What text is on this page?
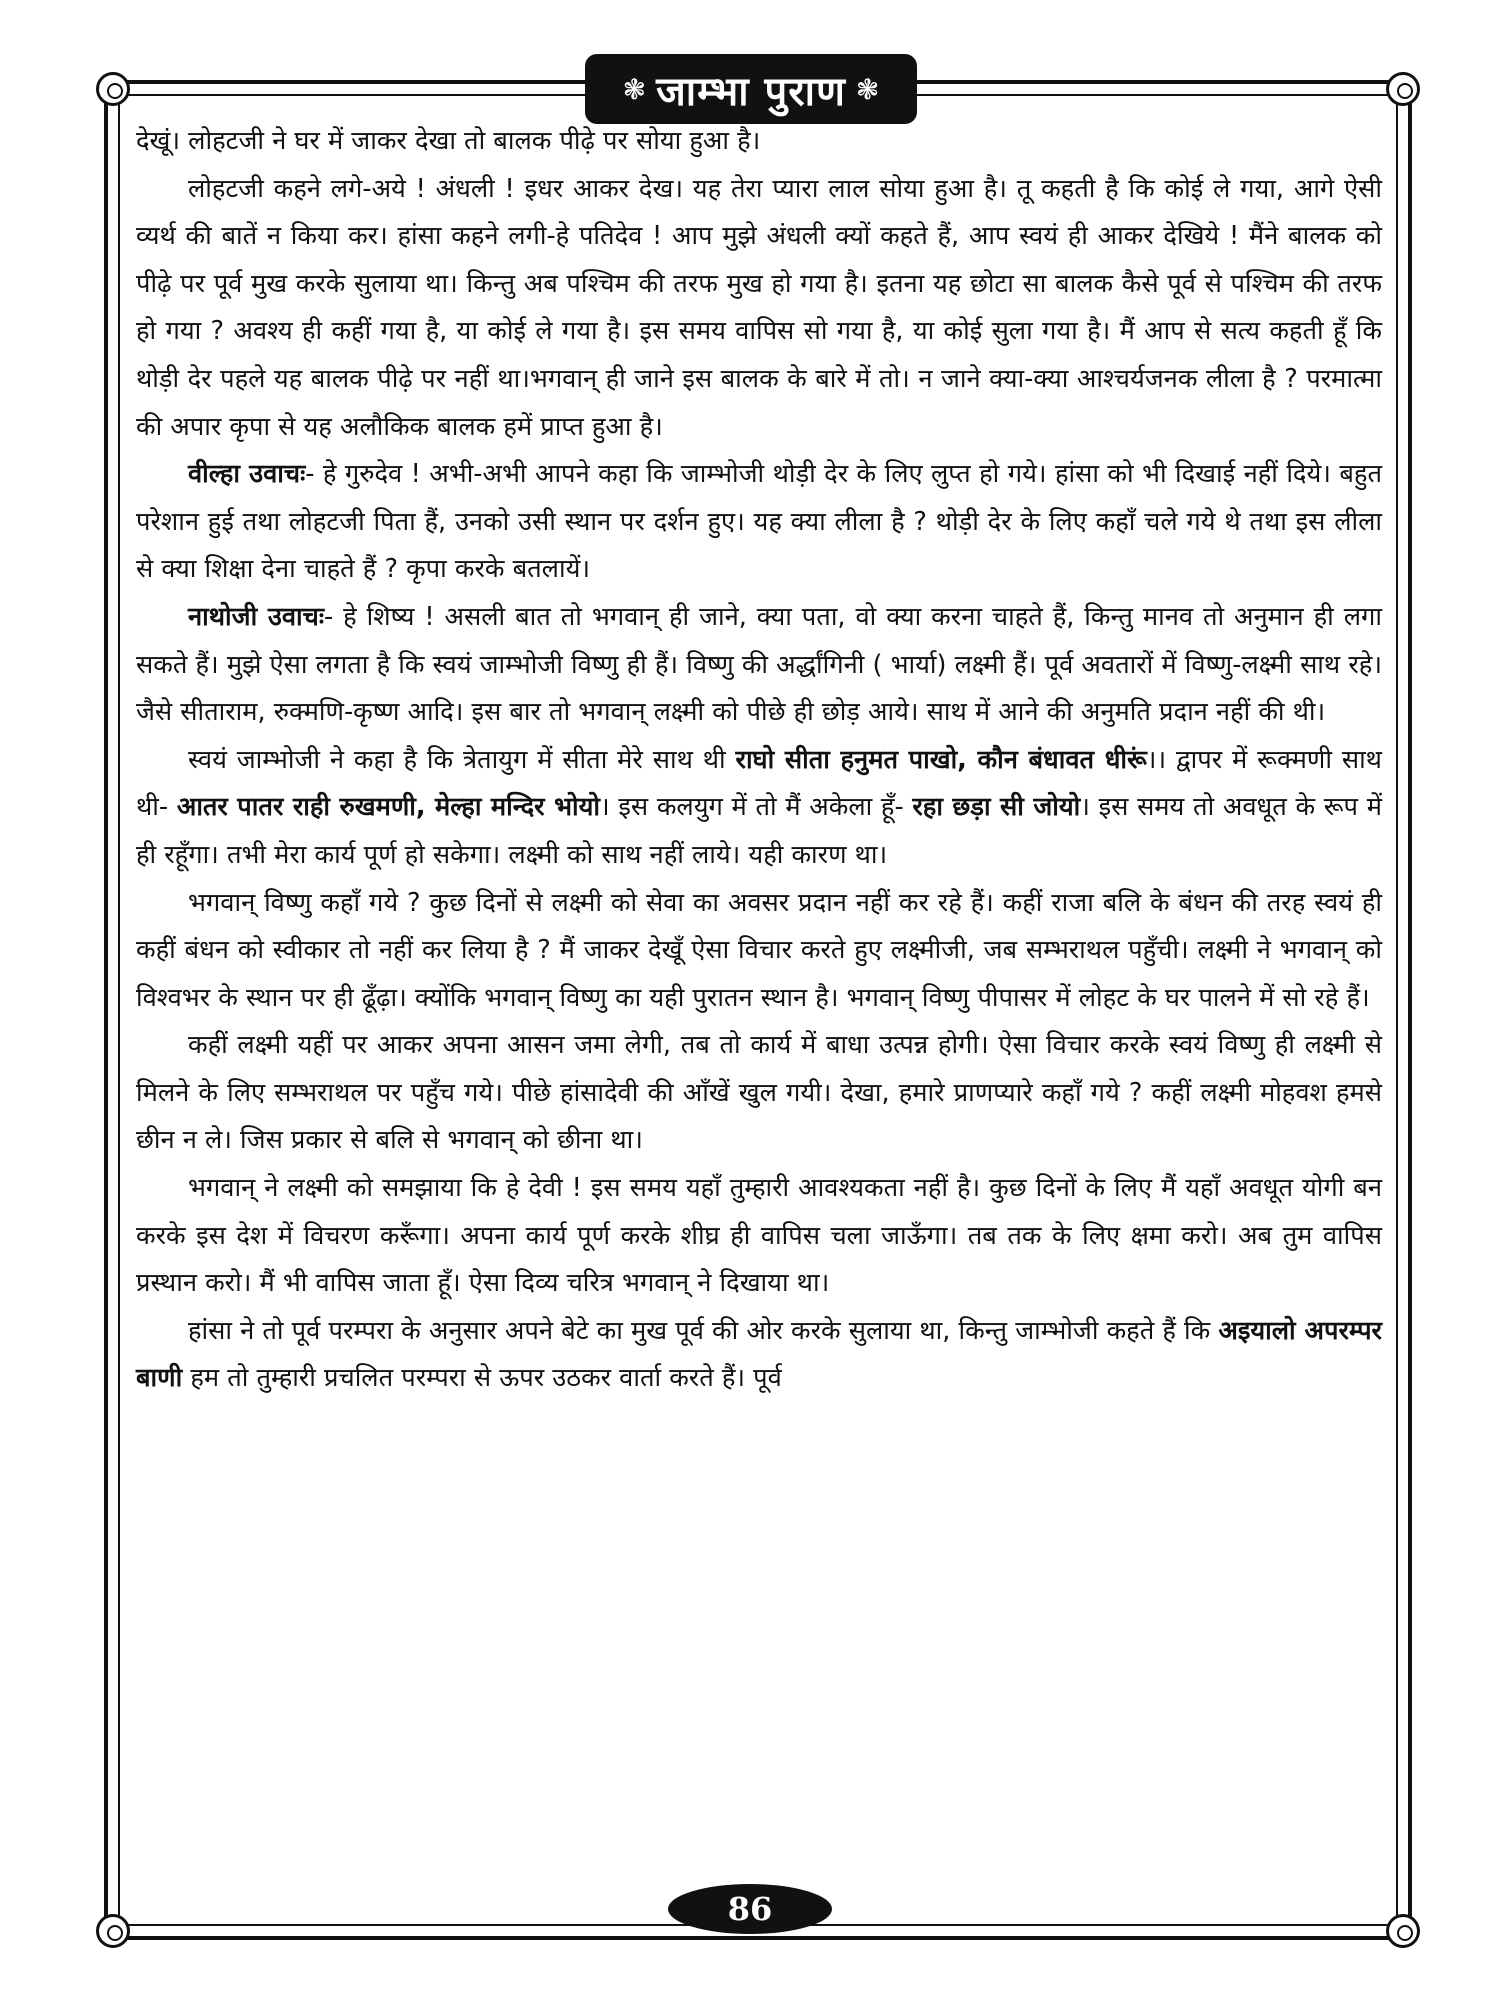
❃ जाम्भा पुराण ❃

देखूं। लोहटजी ने घर में जाकर देखा तो बालक पीढ़े पर सोया हुआ है।

लोहटजी कहने लगे-अये ! अंधली ! इधर आकर देख। यह तेरा प्यारा लाल सोया हुआ है। तू कहती है कि कोई ले गया, आगे ऐसी व्यर्थ की बातें न किया कर। हांसा कहने लगी-हे पतिदेव ! आप मुझे अंधली क्यों कहते हैं, आप स्वयं ही आकर देखिये ! मैंने बालक को पीढ़े पर पूर्व मुख करके सुलाया था। किन्तु अब पश्चिम की तरफ मुख हो गया है। इतना यह छोटा सा बालक कैसे पूर्व से पश्चिम की तरफ हो गया ? अवश्य ही कहीं गया है, या कोई ले गया है। इस समय वापिस सो गया है, या कोई सुला गया है। मैं आप से सत्य कहती हूँ कि थोड़ी देर पहले यह बालक पीढ़े पर नहीं था।भगवान् ही जाने इस बालक के बारे में तो। न जाने क्या-क्या आश्चर्यजनक लीला है ? परमात्मा की अपार कृपा से यह अलौकिक बालक हमें प्राप्त हुआ है।

वील्हा उवाचः- हे गुरुदेव ! अभी-अभी आपने कहा कि जाम्भोजी थोड़ी देर के लिए लुप्त हो गये। हांसा को भी दिखाई नहीं दिये। बहुत परेशान हुई तथा लोहटजी पिता हैं, उनको उसी स्थान पर दर्शन हुए। यह क्या लीला है ? थोड़ी देर के लिए कहाँ चले गये थे तथा इस लीला से क्या शिक्षा देना चाहते हैं ? कृपा करके बतलायें।

नाथोजी उवाचः- हे शिष्य ! असली बात तो भगवान् ही जाने, क्या पता, वो क्या करना चाहते हैं, किन्तु मानव तो अनुमान ही लगा सकते हैं। मुझे ऐसा लगता है कि स्वयं जाम्भोजी विष्णु ही हैं। विष्णु की अर्द्धांगिनी ( भार्या) लक्ष्मी हैं। पूर्व अवतारों में विष्णु-लक्ष्मी साथ रहे। जैसे सीताराम, रुक्मणि-कृष्ण आदि। इस बार तो भगवान् लक्ष्मी को पीछे ही छोड़ आये। साथ में आने की अनुमति प्रदान नहीं की थी।

स्वयं जाम्भोजी ने कहा है कि त्रेतायुग में सीता मेरे साथ थी राघो सीता हनुमत पाखो, कौन बंधावत धीरूं।। द्वापर में रूक्मणी साथ थी- आतर पातर राही रुखमणी, मेल्हा मन्दिर भोयो। इस कलयुग में तो मैं अकेला हूँ- रहा छड़ा सी जोयो। इस समय तो अवधूत के रूप में ही रहूँगा। तभी मेरा कार्य पूर्ण हो सकेगा। लक्ष्मी को साथ नहीं लाये। यही कारण था।

भगवान् विष्णु कहाँ गये ? कुछ दिनों से लक्ष्मी को सेवा का अवसर प्रदान नहीं कर रहे हैं। कहीं राजा बलि के बंधन की तरह स्वयं ही कहीं बंधन को स्वीकार तो नहीं कर लिया है ? मैं जाकर देखूँ ऐसा विचार करते हुए लक्ष्मीजी, जब सम्भराथल पहुँची। लक्ष्मी ने भगवान् को विश्वभर के स्थान पर ही ढूँढ़ा। क्योंकि भगवान् विष्णु का यही पुरातन स्थान है। भगवान् विष्णु पीपासर में लोहट के घर पालने में सो रहे हैं।

कहीं लक्ष्मी यहीं पर आकर अपना आसन जमा लेगी, तब तो कार्य में बाधा उत्पन्न होगी। ऐसा विचार करके स्वयं विष्णु ही लक्ष्मी से मिलने के लिए सम्भराथल पर पहुँच गये। पीछे हांसादेवी की आँखें खुल गयी। देखा, हमारे प्राणप्यारे कहाँ गये ? कहीं लक्ष्मी मोहवश हमसे छीन न ले। जिस प्रकार से बलि से भगवान् को छीना था।

भगवान् ने लक्ष्मी को समझाया कि हे देवी ! इस समय यहाँ तुम्हारी आवश्यकता नहीं है। कुछ दिनों के लिए मैं यहाँ अवधूत योगी बन करके इस देश में विचरण करूँगा। अपना कार्य पूर्ण करके शीघ्र ही वापिस चला जाऊँगा। तब तक के लिए क्षमा करो। अब तुम वापिस प्रस्थान करो। मैं भी वापिस जाता हूँ। ऐसा दिव्य चरित्र भगवान् ने दिखाया था।

हांसा ने तो पूर्व परम्परा के अनुसार अपने बेटे का मुख पूर्व की ओर करके सुलाया था, किन्तु जाम्भोजी कहते हैं कि अइयालो अपरम्पर बाणी हम तो तुम्हारी प्रचलित परम्परा से ऊपर उठकर वार्ता करते हैं। पूर्व

86
